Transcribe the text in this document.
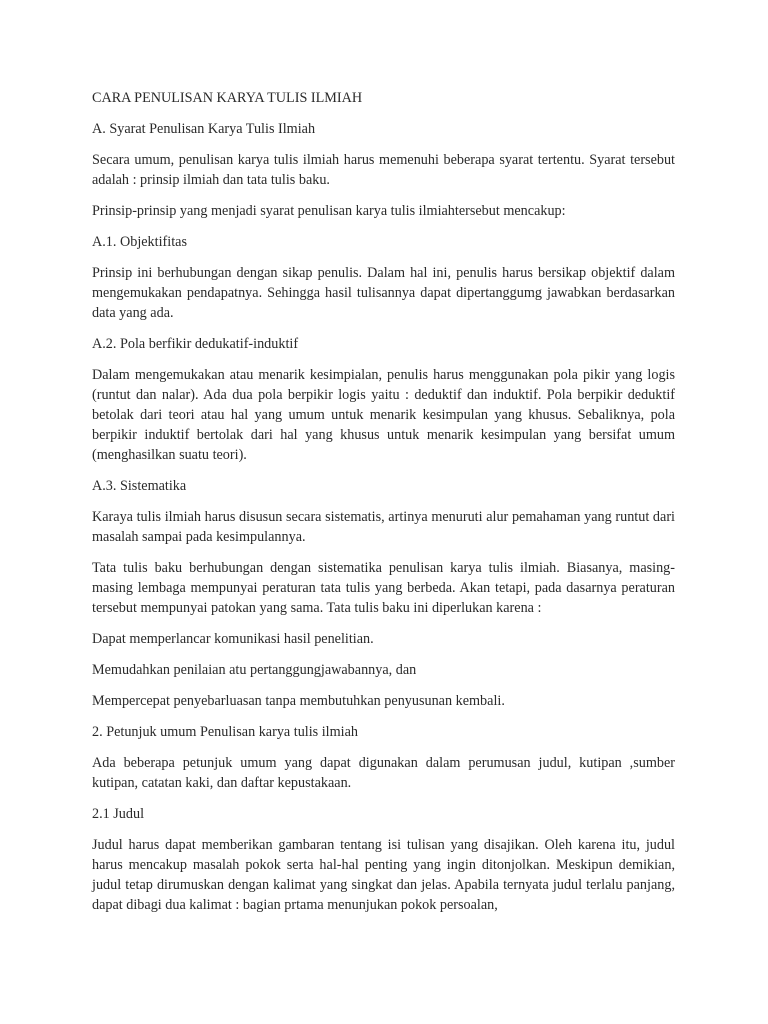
CARA PENULISAN KARYA TULIS ILMIAH

A. Syarat Penulisan Karya Tulis Ilmiah

Secara umum, penulisan karya tulis ilmiah harus memenuhi beberapa syarat tertentu. Syarat tersebut adalah : prinsip ilmiah dan tata tulis baku.

Prinsip-prinsip yang menjadi syarat penulisan karya tulis ilmiahtersebut mencakup:

A.1. Objektifitas

Prinsip ini berhubungan dengan sikap penulis. Dalam hal ini, penulis harus bersikap objektif dalam mengemukakan pendapatnya. Sehingga hasil tulisannya dapat dipertanggumg jawabkan berdasarkan data yang ada.

A.2. Pola berfikir dedukatif-induktif

Dalam mengemukakan atau menarik kesimpialan, penulis harus menggunakan pola pikir yang logis (runtut dan nalar). Ada dua pola berpikir logis yaitu : deduktif dan induktif. Pola berpikir deduktif betolak dari teori atau hal yang umum untuk menarik kesimpulan yang khusus. Sebaliknya, pola berpikir induktif bertolak dari hal yang khusus untuk menarik kesimpulan yang bersifat umum (menghasilkan suatu teori).

A.3. Sistematika

Karaya tulis ilmiah harus disusun secara sistematis, artinya menuruti alur pemahaman yang runtut dari masalah sampai pada kesimpulannya.

Tata tulis baku berhubungan dengan sistematika penulisan karya tulis ilmiah. Biasanya, masing-masing lembaga mempunyai peraturan tata tulis yang berbeda. Akan tetapi, pada dasarnya peraturan tersebut mempunyai patokan yang sama. Tata tulis baku ini diperlukan karena :

Dapat memperlancar komunikasi hasil penelitian.

Memudahkan penilaian atu pertanggungjawabannya, dan

Mempercepat penyebarluasan tanpa membutuhkan penyusunan kembali.

2. Petunjuk umum Penulisan karya tulis ilmiah

Ada beberapa petunjuk umum yang dapat digunakan dalam perumusan judul, kutipan ,sumber kutipan, catatan kaki, dan daftar kepustakaan.

2.1 Judul

Judul harus dapat memberikan gambaran tentang isi tulisan yang disajikan. Oleh karena itu, judul harus mencakup masalah pokok serta hal-hal penting yang ingin ditonjolkan. Meskipun demikian, judul tetap dirumuskan dengan kalimat yang singkat dan jelas. Apabila ternyata judul terlalu panjang, dapat dibagi dua kalimat : bagian prtama menunjukan pokok persoalan,
